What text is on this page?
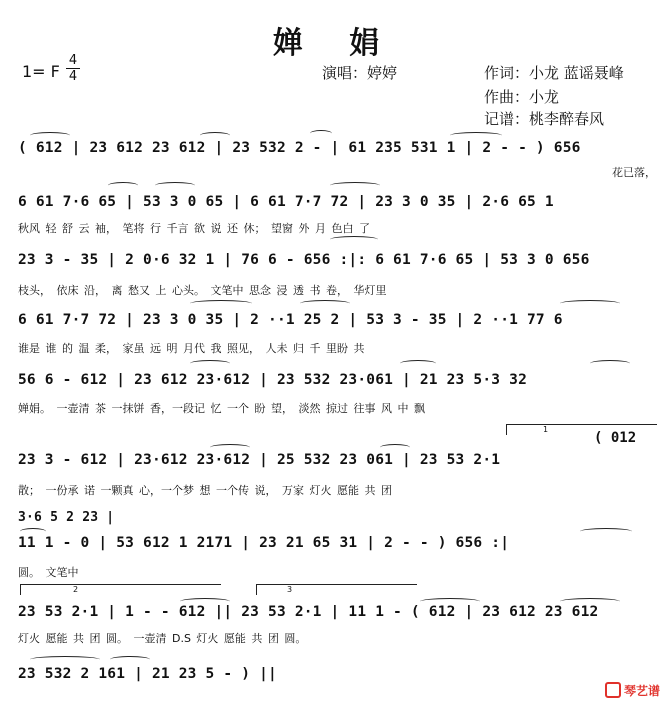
婵 娟
1= F
4
4	演唱：婷婷	作词：小龙 蓝谣聂峰
作曲：小龙
记谱：桃李醉春风
( 612 | 23 612 23 612 | 23 532 2 - | 61 235 531 1 | 2 - - ) 656
花已落，
6 61 7·6 65 | 53 3 0 65 | 6 61 7·7 72 | 23 3 0 35 | 2·6 65 1
秋风 轻 舒 云 袖， 笔将 行 千言 欲 说 还 休； 望窗 外 月 色白 了
23 3 - 35 | 2 0·6 32 1 | 76 6 - 656 :|: 6 61 7·6 65 | 53 3 0 656
枝头， 依床 沿， 离 愁又 上 心头。 文笔中 思念 浸 透 书 卷， 华灯里
6 61 7·7 72 | 23 3 0 35 | 2 ··1 25 2 | 53 3 - 35 | 2 ··1 77 6
谁是 谁 的 温 柔， 家虽 远 明 月代 我 照见， 人未 归 千 里盼 共
56 6 - 612 | 23 612 23·612 | 23 532 23·061 | 21 23 5·3 32
婵娟。 一壶清 茶 一抹饼 香，一段记 忆 一个 盼 望， 淡然 掠过 往事 风 中 飘
1
( 012
23 3 - 612 | 23·612 23·612 | 25 532 23 061 | 23 53 2·1
散； 一份承 诺 一颗真 心，一个梦 想 一个传 说， 万家 灯火 愿能 共 团
3·6 5 2 23 |
11 1 - 0 | 53 612 1 2171 | 23 21 65 31 | 2 - - ) 656 :|
圆。 文笔中
2	3
23 53 2·1 | 1 - - 612 || 23 53 2·1 | 11 1 - ( 612 | 23 612 23 612
灯火 愿能 共 团 圆。 一壶清 D.S 灯火 愿能 共 团 圆。
23 532 2 161 | 21 23 5 - ) ||
琴艺谱
